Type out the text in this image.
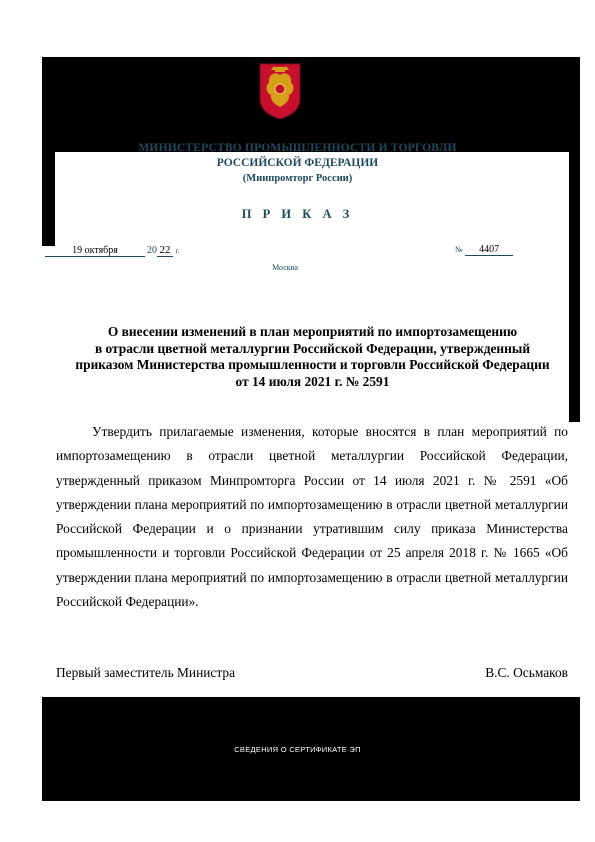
МИНИСТЕРСТВО ПРОМЫШЛЕННОСТИ И ТОРГОВЛИ
РОССИЙСКОЙ ФЕДЕРАЦИИ
(Минпромторг России)
П Р И К А З
19 октября	20 22 г.	№ 4407
Москва
О внесении изменений в план мероприятий по импортозамещению
в отрасли цветной металлургии Российской Федерации, утвержденный
приказом Министерства промышленности и торговли Российской Федерации
от 14 июля 2021 г. № 2591

Утвердить прилагаемые изменения, которые вносятся в план мероприятий по импортозамещению в отрасли цветной металлургии Российской Федерации, утвержденный приказом Минпромторга России от 14 июля 2021 г. № 2591 «Об утверждении плана мероприятий по импортозамещению в отрасли цветной металлургии Российской Федерации и о признании утратившим силу приказа Министерства промышленности и торговли Российской Федерации от 25 апреля 2018 г. № 1665 «Об утверждении плана мероприятий по импортозамещению в отрасли цветной металлургии Российской Федерации».

Первый заместитель Министра	В.С. Осьмаков
СВЕДЕНИЯ О СЕРТИФИКАТЕ ЭП
